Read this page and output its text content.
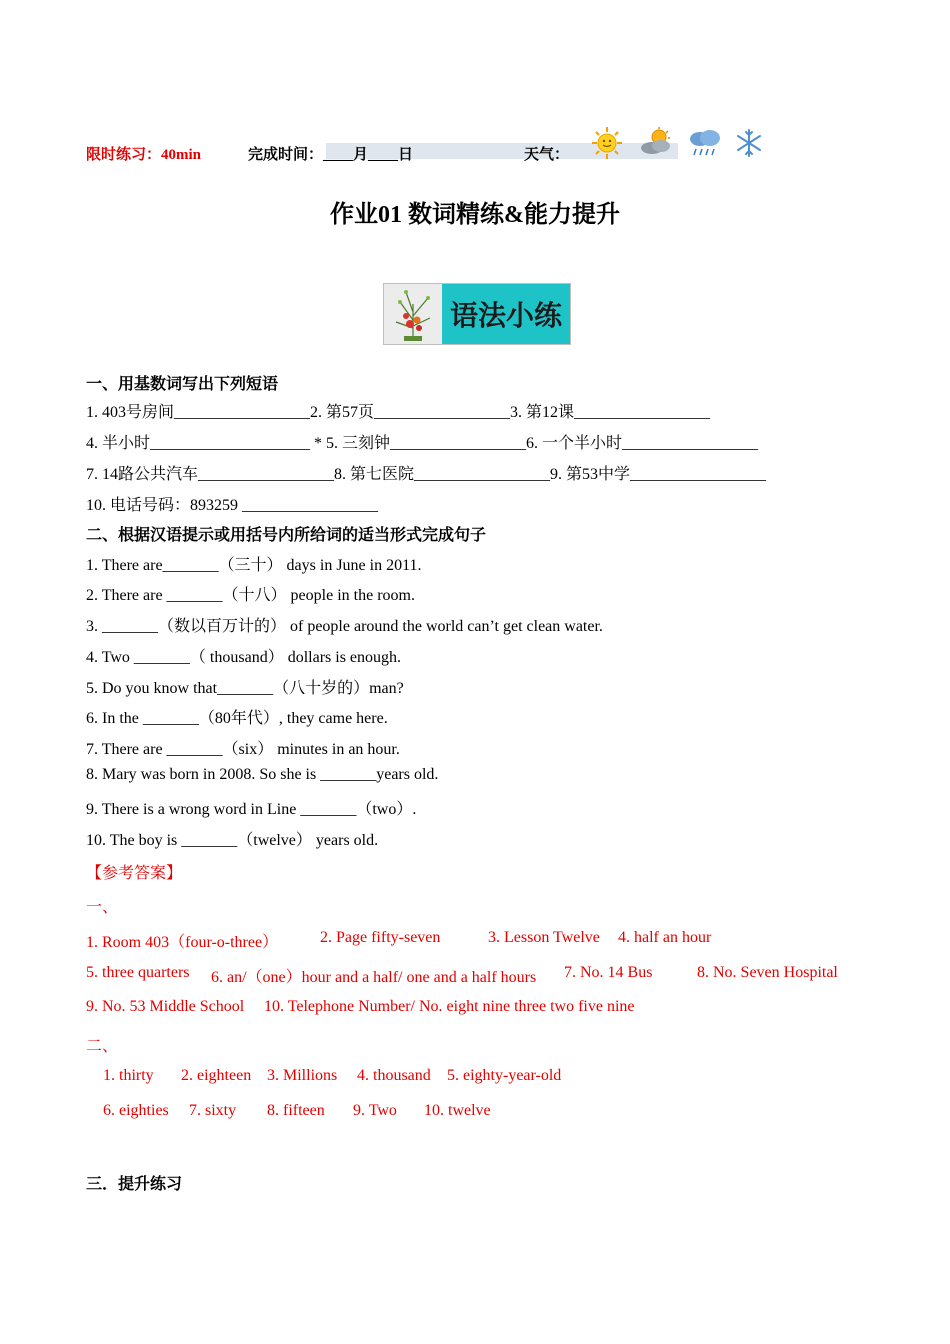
限时练习：40min	完成时间：____月____日	天气：
作业01 数词精练&能力提升
语法小练
一、用基数词写出下列短语
1. 403号房间_________________2. 第57页_________________3. 第12课_________________
4. 半小时____________________ * 5. 三刻钟_________________6. 一个半小时_________________
7. 14路公共汽车_________________8. 第七医院_________________9. 第53中学_________________
10. 电话号码：893259 _________________
二、根据汉语提示或用括号内所给词的适当形式完成句子
1. There are_______（三十） days in June in 2011.
2. There are _______（十八） people in the room.
3. _______（数以百万计的） of people around the world can’t get clean water.
4. Two _______（ thousand） dollars is enough.
5. Do you know that_______（八十岁的）man?
6. In the _______（80年代）, they came here.
7. There are _______（six） minutes in an hour.
8. Mary was born in 2008. So she is _______years old.
9. There is a wrong word in Line _______（two）.
10. The boy is _______（twelve） years old.
【参考答案】
一、
1. Room 403（four-o-three）	2. Page fifty-seven	3. Lesson Twelve 4. half an hour
5. three quarters 6. an/（one）hour and a half/ one and a half hours 7. No. 14 Bus	8. No. Seven Hospital
9. No. 53 Middle School 10. Telephone Number/ No. eight nine three two five nine
二、
1. thirty 2. eighteen 3. Millions 4. thousand 5. eighty-year-old
6. eighties 7. sixty 8. fifteen 9. Two 10. twelve
三．提升练习
